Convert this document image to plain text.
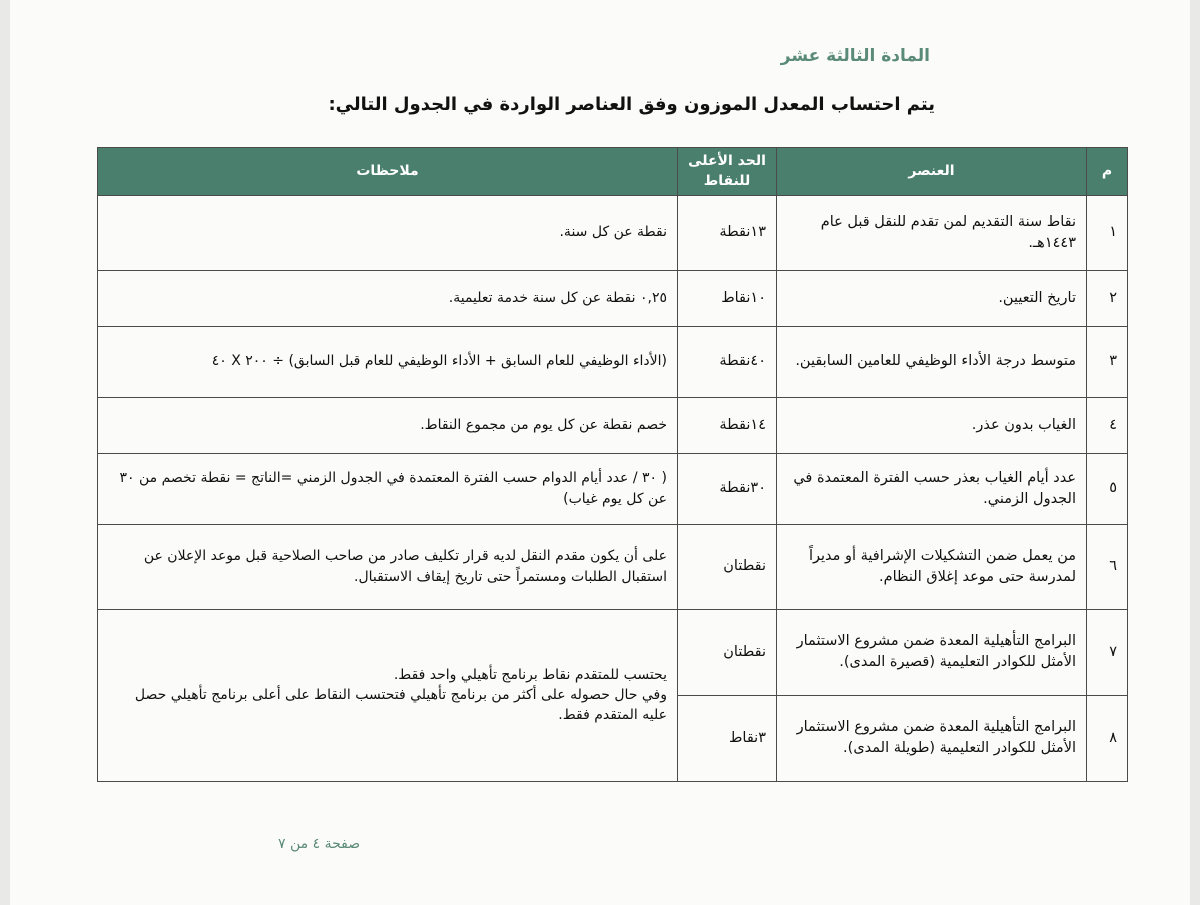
المادة الثالثة عشر
يتم احتساب المعدل الموزون وفق العناصر الواردة في الجدول التالي:
م	العنصر	الحد الأعلى للنقاط	ملاحظات
١	نقاط سنة التقديم لمن تقدم للنقل قبل عام ١٤٤٣هـ.	١٣نقطة	نقطة عن كل سنة.
٢	تاريخ التعيين.	١٠نقاط	٠,٢٥ نقطة عن كل سنة خدمة تعليمية.
٣	متوسط درجة الأداء الوظيفي للعامين السابقين.	٤٠نقطة	(الأداء الوظيفي للعام السابق + الأداء الوظيفي للعام قبل السابق) ÷ ٢٠٠ X ٤٠
٤	الغياب بدون عذر.	١٤نقطة	خصم نقطة عن كل يوم من مجموع النقاط.
٥	عدد أيام الغياب بعذر حسب الفترة المعتمدة في الجدول الزمني.	٣٠نقطة	( ٣٠ / عدد أيام الدوام حسب الفترة المعتمدة في الجدول الزمني =الناتج = نقطة تخصم من ٣٠ عن كل يوم غياب)
٦	من يعمل ضمن التشكيلات الإشرافية أو مديراً لمدرسة حتى موعد إغلاق النظام.	نقطتان	على أن يكون مقدم النقل لديه قرار تكليف صادر من صاحب الصلاحية قبل موعد الإعلان عن استقبال الطلبات ومستمراً حتى تاريخ إيقاف الاستقبال.
٧	البرامج التأهيلية المعدة ضمن مشروع الاستثمار الأمثل للكوادر التعليمية (قصيرة المدى).	نقطتان	يحتسب للمتقدم نقاط برنامج تأهيلي واحد فقط.
وفي حال حصوله على أكثر من برنامج تأهيلي فتحتسب النقاط على أعلى برنامج تأهيلي حصل عليه المتقدم فقط.

٨	البرامج التأهيلية المعدة ضمن مشروع الاستثمار الأمثل للكوادر التعليمية (طويلة المدى).	٣نقاط	
صفحة ٤ من ٧
